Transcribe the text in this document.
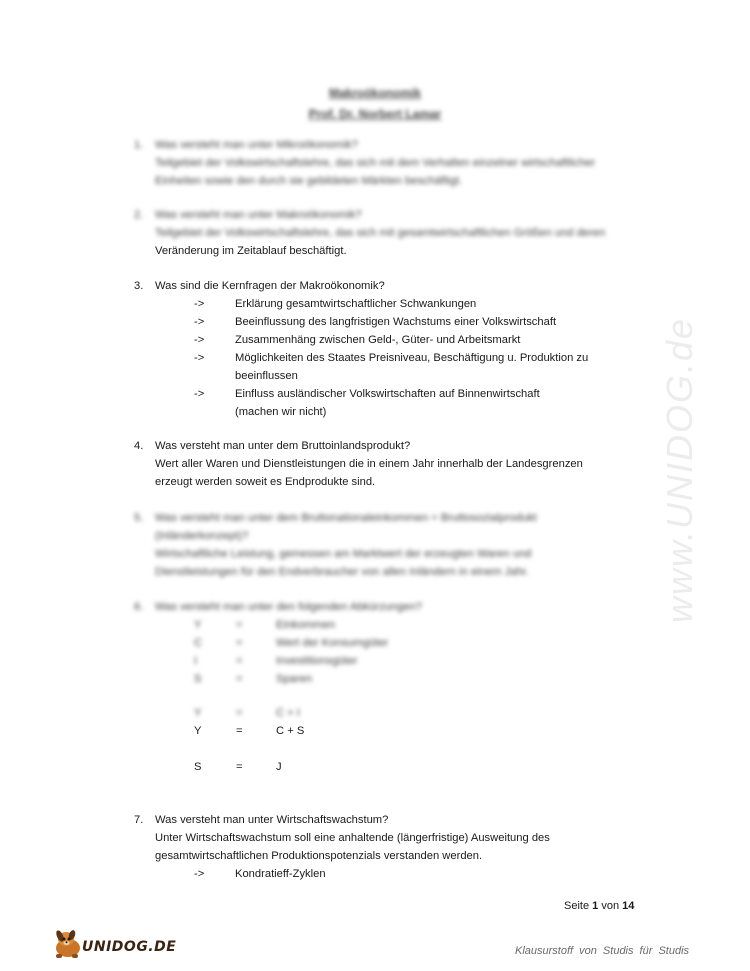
www.UNIDOG.de
Makroökonomik
Prof. Dr. Norbert Lamar
1.	Was versteht man unter Mikroökonomik?
Teilgebiet der Volkswirtschaftslehre, das sich mit dem Verhalten einzelner wirtschaftlicher
Einheiten sowie den durch sie gebildeten Märkten beschäftigt.
2.	Was versteht man unter Makroökonomik?
Teilgebiet der Volkswirtschaftslehre, das sich mit gesamtwirtschaftlichen Größen und deren
Veränderung im Zeitablauf beschäftigt.
3.	Was sind die Kernfragen der Makroökonomik?
->	Erklärung gesamtwirtschaftlicher Schwankungen
->	Beeinflussung des langfristigen Wachstums einer Volkswirtschaft
->	Zusammenhäng zwischen Geld-, Güter- und Arbeitsmarkt
->	Möglichkeiten des Staates Preisniveau, Beschäftigung u. Produktion zu
beeinflussen
->	Einfluss ausländischer Volkswirtschaften auf Binnenwirtschaft
(machen wir nicht)
4.	Was versteht man unter dem Bruttoinlandsprodukt?
Wert aller Waren und Dienstleistungen die in einem Jahr innerhalb der Landesgrenzen
erzeugt werden soweit es Endprodukte sind.
5.	Was versteht man unter dem Bruttonationaleinkommen = Bruttosozialprodukt
(Inländerkonzept)?
Wirtschaftliche Leistung, gemessen am Marktwert der erzeugten Waren und
Dienstleistungen für den Endverbraucher von allen Inländern in einem Jahr.
6.	Was versteht man unter den folgenden Abkürzungen?
Y	=	Einkommen
C	=	Wert der Konsumgüter
I	=	Investitionsgüter
S	=	Sparen
Y	=	C + I
Y	=	C + S
S	=	J
7.	Was versteht man unter Wirtschaftswachstum?
Unter Wirtschaftswachstum soll eine anhaltende (längerfristige) Ausweitung des
gesamtwirtschaftlichen Produktionspotenzials verstanden werden.
->	Kondratieff-Zyklen
Seite 1 von 14
UNIDOG.DE	Klausurstoff von Studis für Studis
